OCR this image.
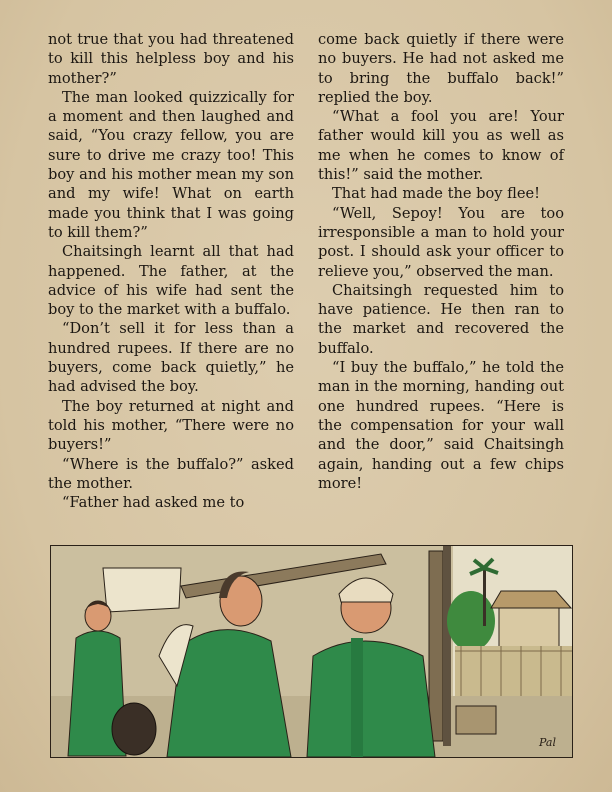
not true that you had threatened to kill this helpless boy and his mother?”

The man looked quizzically for a moment and then laughed and said, “You crazy fellow, you are sure to drive me crazy too! This boy and his mother mean my son and my wife! What on earth made you think that I was going to kill them?”

Chaitsingh learnt all that had happened. The father, at the advice of his wife had sent the boy to the market with a buffalo.

“Don’t sell it for less than a hundred rupees. If there are no buyers, come back quietly,” he had advised the boy.

The boy returned at night and told his mother, “There were no buyers!”

“Where is the buffalo?” asked the mother.

“Father had asked me to

come back quietly if there were no buyers. He had not asked me to bring the buffalo back!” replied the boy.

“What a fool you are! Your father would kill you as well as me when he comes to know of this!” said the mother.

That had made the boy flee!

“Well, Sepoy! You are too irresponsible a man to hold your post. I should ask your officer to relieve you,” observed the man.

Chaitsingh requested him to have patience. He then ran to the market and recovered the buffalo.

“I buy the buffalo,” he told the man in the morning, handing out one hundred rupees. “Here is the compensation for your wall and the door,” said Chaitsingh again, handing out a few chips more!

Pal
